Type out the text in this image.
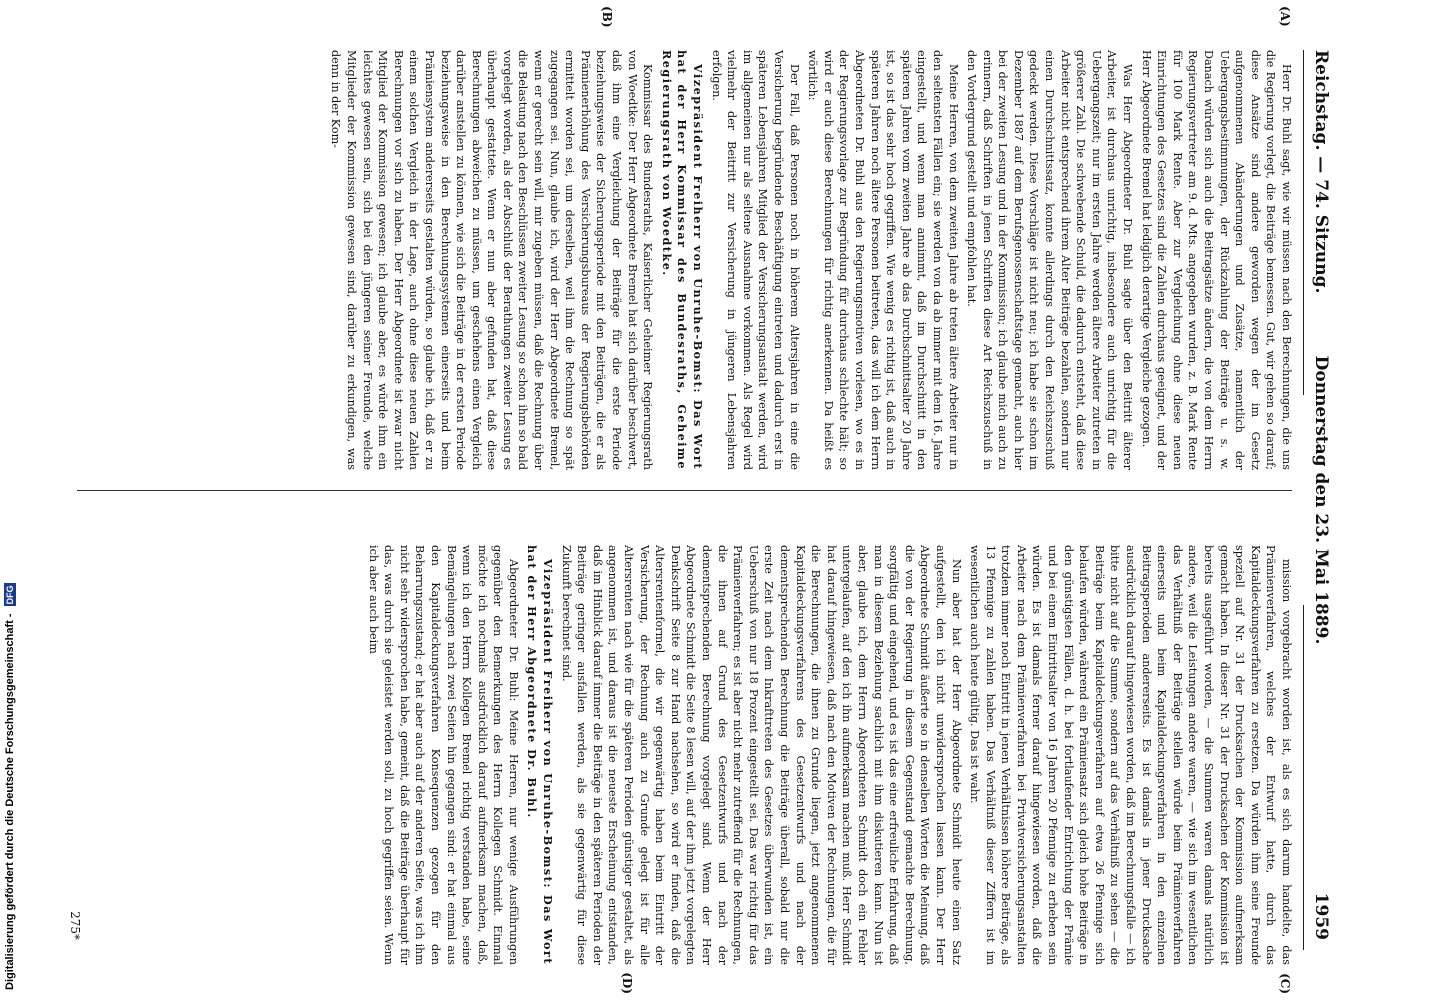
Reichstag. — 74. Sitzung.
Donnerstag den 23. Mai 1889.
1959
(A)
(B)
(C)
(D)

Herr Dr. Buhl sagt, wie wir müssen nach den Berechnungen, die uns die Regierung vorlegt, die Beiträge bemessen. Gut, wir gehen so darauf; diese Ansätze sind andere geworden wegen der im Gesetz aufgenommenen Abänderungen und Zusätze, namentlich der Uebergangsbestimmungen, der Rückzahlung der Beiträge u. s. w. Danach würden sich auch die Beitragsätze ändern, die von dem Herrn Regierungsvertreter am 9. d. Mts. angegeben wurden, z. B. Mark Rente für 100 Mark Rente. Aber zur Vergleichung ohne diese neuen Einrichtungen des Gesetzes sind die Zahlen durchaus geeignet, und der Herr Abgeordnete Bremel hat lediglich derartige Vergleiche gezogen.

Was Herr Abgeordneter Dr. Buhl sagte über den Beitritt älterer Arbeiter, ist durchaus unrichtig, insbesondere auch unrichtig für die Uebergangszeit; nur im ersten Jahre werden ältere Arbeiter zutreten in größerer Zahl. Die schwebende Schuld, die dadurch entsteht, daß diese Arbeiter nicht entsprechend ihrem Alter Beiträge bezahlen, sondern nur einen Durchschnittssatz, konnte allerdings durch den Reichszuschuß gedeckt werden. Diese Vorschläge ist nicht neu; ich habe sie schon im Dezember 1887 auf dem Berufsgenossenschaftstage gemacht, auch hier bei der zweiten Lesung und in der Kommission; ich glaube mich auch zu erinnern, daß Schriften in jenen Schriften diese Art Reichszuschuß in den Vordergrund gestellt und empfohlen hat.

Meine Herren, von dem zweiten Jahre ab treten ältere Arbeiter nur in den seltensten Fällen ein; sie werden von da ab immer mit dem 16. Jahre eingestellt, und wenn man annimmt, daß im Durchschnitt in den späteren Jahren vom zweiten Jahre ab das Durchschnittsalter 20 Jahre ist, so ist das sehr hoch gegriffen. Wie wenig es richtig ist, daß auch in späteren Jahren noch ältere Personen beitreten, das will ich dem Herrn Abgeordneten Dr. Buhl aus den Regierungsmotiven vorlesen, wo es in der Regierungsvorlage zur Begründung für durchaus schlechte hält; so wird er auch diese Berechnungen für richtig anerkennen. Da heißt es wörtlich:

Der Fall, daß Personen noch in höherem Altersjahren in eine die Versicherung begründende Beschäftigung eintreten und dadurch erst in späteren Lebensjahren Mitglied der Versicherungsanstalt werden, wird im allgemeinen nur als seltene Ausnahme vorkommen. Als Regel wird vielmehr der Beitritt zur Versicherung in jüngeren Lebensjahren erfolgen.

Vizepräsident Freiherr von Unruhe-Bomst: Das Wort hat der Herr Kommissar des Bundesraths, Geheime Regierungsrath von Woedtke.

Kommissar des Bundesraths, Kaiserlicher Geheimer Regierungsrath von Woedtke: Der Herr Abgeordnete Bremel hat sich darüber beschwert, daß ihm eine Vergleichung der Beiträge für die erste Periode beziehungsweise der Sicherungsperiode mit den Beiträgen, die er als Prämienerhöhung des Versicherungsbureaus der Regierungsbehörden ermittelt worden sei, um derselben, weil ihm die Rechnung so spät zugegangen sei. Nun, glaube ich, wird der Herr Abgeordnete Bremel, wenn er gerecht sein will, mir zugeben müssen, daß die Rechnung über die Belastung nach den Beschlüssen zweiter Lesung so schon ihm so bald vorgelegt worden, als der Abschluß der Berathungen zweiter Lesung es überhaupt gestattete. Wenn er nun aber gefunden hat, daß diese Berechnungen abweichen zu müssen, um geschehens einen Vergleich darüber anstellen zu können, wie sich die Beiträge in der ersten Periode beziehungsweise in den Berechnungssystemen einerseits und beim Prämiensystem andererseits gestalten würden, so glaube ich, daß er zu einem solchen Vergleich in der Lage, auch ohne diese neuen Zahlen Berechnungen vor sich zu haben. Der Herr Abgeordnete ist zwar nicht Mitglied der Kommission gewesen; ich glaube aber, es würde ihm ein leichtes gewesen sein, sich bei den jüngeren seiner Freunde, welche Mitglieder der Kommission gewesen sind, darüber zu erkundigen, was denn in der Kom-

mission vorgebracht worden ist, als es sich darum handelte, das Prämienverfahren, welches der Entwurf hatte, durch das Kapitaldeckungsverfahren zu ersetzen. Da würden ihm seine Freunde speziell auf Nr. 31 der Drucksachen der Kommission aufmerksam gemacht haben. In dieser Nr. 31 der Drucksachen der Kommission ist bereits ausgeführt worden, — die Summen waren damals natürlich andere, weil die Leistungen andere waren, — wie sich im wesentlichen das Verhältniß der Beiträge stellen würde beim Prämienverfahren einerseits und beim Kapitaldeckungsverfahren in den einzelnen Beitragsperioden andererseits. Es ist damals in jener Drucksache ausdrücklich darauf hingewiesen worden, daß im Berechnungsfalle — ich bitte nicht auf die Summe, sondern auf das Verhältniß zu sehen — die Beiträge beim Kapitaldeckungsverfahren auf etwa 26 Pfennige sich belaufen würden, während ein Prämiensatz sich gleich hohe Beiträge in den günstigsten Fällen, d. h. bei fortlaufender Entrichtung der Prämie und bei einem Eintrittsalter von 16 Jahren 20 Pfennige zu erheben sein würden. Es ist damals ferner darauf hingewiesen worden, daß die Arbeiter nach dem Prämienverfahren bei Privatversicherungsanstalten trotzdem immer noch Eintritt in jenen Verhältnissen höhere Beiträge, als 13 Pfennige zu zahlen haben. Das Verhältniß dieser Ziffern ist im wesentlichen auch heute gültig. Das ist wahr.

Nun aber hat der Herr Abgeordnete Schmidt heute einen Satz aufgestellt, den ich nicht unwidersprochen lassen kann. Der Herr Abgeordnete Schmidt äußerte so in denselben Worten die Meinung, daß die von der Regierung in diesem Gegenstand gemachte Berechnung, sorgfältig und eingehend, und es ist das eine erfreuliche Erfahrung, daß man in diesem Beziehung sachlich mit ihm diskutieren kann. Nun ist aber, glaube ich, dem Herrn Abgeordneten Schmidt doch ein Fehler untergelaufen, auf den ich ihn aufmerksam machen muß. Herr Schmidt hat darauf hingewiesen, daß nach den Motiven der Rechnungen, die für die Berechnungen, die ihnen zu Grunde liegen, jetzt angenommenen Kapitaldeckungsverfahrens des Gesetzentwurfs und nach der dementsprechenden Berechnung die Beiträge überall, sobald nur die erste Zeit nach dem Inkrafttreten des Gesetzes überwunden ist, ein Ueberschuß von nur 18 Prozent eingestellt sei. Das war richtig für das Prämienverfahren; es ist aber nicht mehr zutreffend für die Rechnungen, die ihnen auf Grund des Gesetzentwurfs und nach der dementsprechenden Berechnung vorgelegt sind. Wenn der Herr Abgeordnete Schmidt die Seite 8 lesen will, auf der ihm jetzt vorgelegten Denkschrift Seite 8 zur Hand nachsehen, so wird er finden, daß die Altersrentenformel, die wir gegenwärtig haben beim Eintritt der Versicherung, der Rechnung auch zu Grunde gelegt ist für alle Altersrenten nach wie für die späteren Perioden günstiger gestaltet, als angenommen ist, und daraus ist die neueste Erscheinung entstanden, daß im Hinblick darauf immer die Beiträge in den späteren Perioden der Beiträge geringer ausfallen werden, als sie gegenwärtig für diese Zukunft berechnet sind.

Vizepräsident Freiherr von Unruhe-Bomst: Das Wort hat der Herr Abgeordnete Dr. Buhl.

Abgeordneter Dr. Buhl: Meine Herren, nur wenige Ausführungen gegenüber den Bemerkungen des Herrn Kollegen Schmidt. Einmal möchte ich nochmals ausdrücklich darauf aufmerksam machen, daß, wenn ich den Herrn Kollegen Bremel richtig verstanden habe, seine Bemängelungen nach zwei Seiten hin gegangen sind: er hat einmal aus den Kapitaldeckungsverfahren Konsequenzen gezogen für den Beharrungszustand; er hat aber auch auf der anderen Seite, was ich ihm nicht sehr widersprochen habe, gemeint, daß die Beiträge überhaupt für das, was durch sie geleistet werden soll, zu hoch gegriffen seien. Wenn ich aber auch beim

275*
Digitalisierung gefördert durch die Deutsche Forschungsgemeinschaft - DFG
